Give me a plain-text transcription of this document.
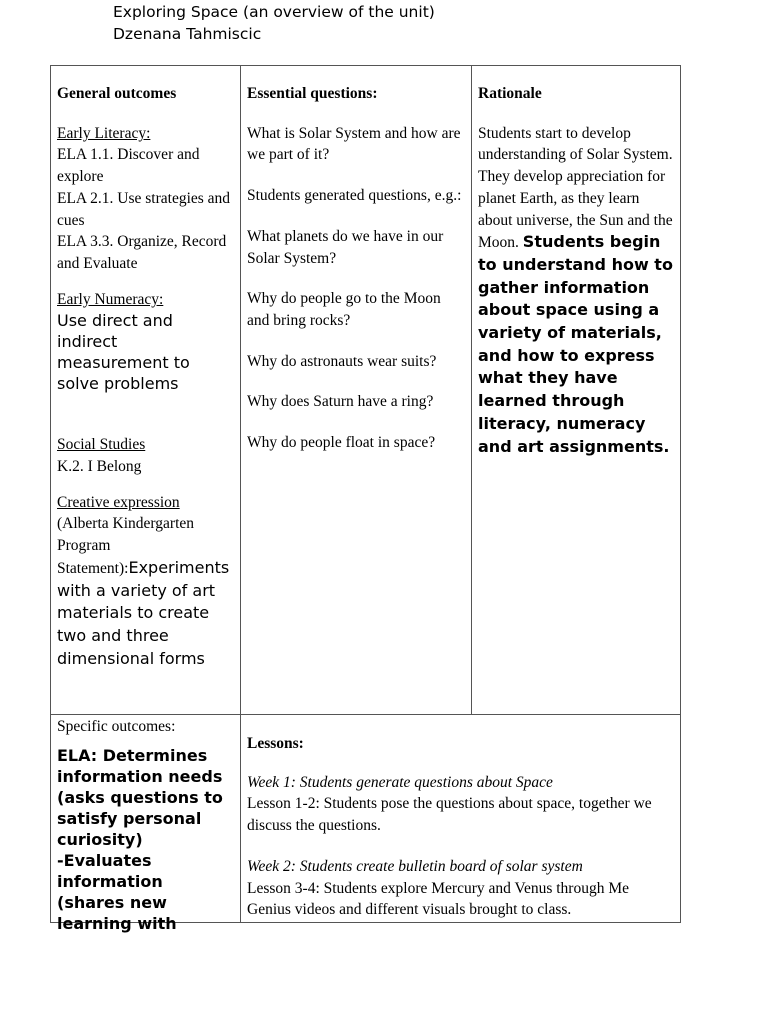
Exploring Space (an overview of the unit)
Dzenana Tahmiscic

General outcomes

Early Literacy:

ELA 1.1. Discover and explore

ELA 2.1. Use strategies and cues

ELA 3.3. Organize, Record and Evaluate

Early Numeracy:

Use direct and indirect measurement to solve problems

Social Studies

K.2. I Belong

Creative expression

(Alberta Kindergarten Program Statement):Experiments with a variety of art materials to create two and three dimensional forms

Essential questions:

What is Solar System and how are we part of it?

Students generated questions, e.g.:

What planets do we have in our Solar System?

Why do people go to the Moon and bring rocks?

Why do astronauts wear suits?

Why does Saturn have a ring?

Why do people float in space?

Rationale

Students start to develop understanding of Solar System. They develop appreciation for planet Earth, as they learn about universe, the Sun and the Moon. Students begin to understand how to gather information about space using a variety of materials, and how to express what they have learned through literacy, numeracy and art assignments.

Specific outcomes:

ELA: Determines information needs (asks questions to satisfy personal curiosity)
-Evaluates information (shares new learning with

Lessons:

Week 1: Students generate questions about Space

Lesson 1-2: Students pose the questions about space, together we discuss the questions.

Week 2: Students create bulletin board of solar system

Lesson 3-4: Students explore Mercury and Venus through Me Genius videos and different visuals brought to class.
